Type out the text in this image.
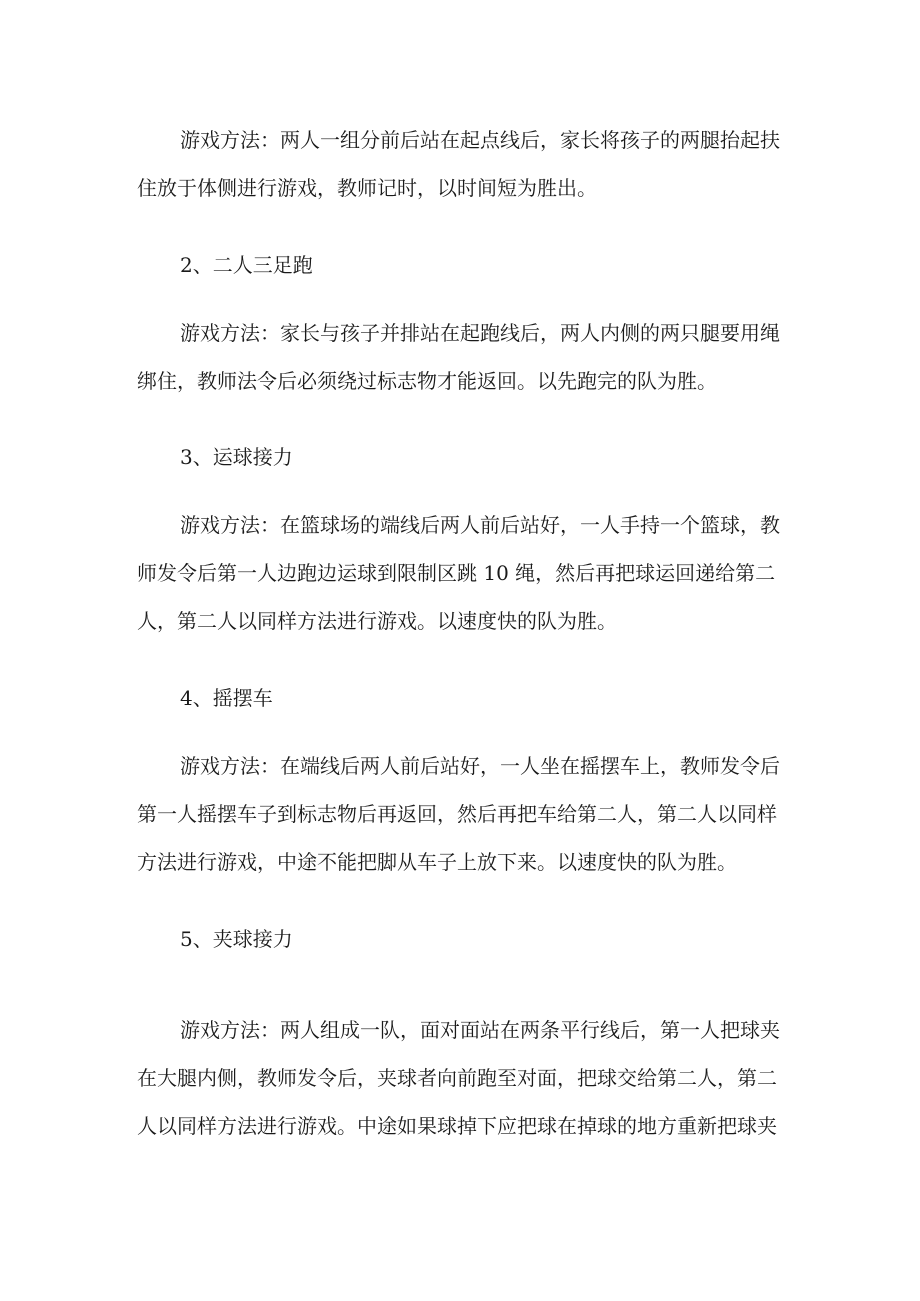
游戏方法：两人一组分前后站在起点线后，家长将孩子的两腿抬起扶
住放于体侧进行游戏，教师记时，以时间短为胜出。
2、二人三足跑
游戏方法：家长与孩子并排站在起跑线后，两人内侧的两只腿要用绳
绑住，教师法令后必须绕过标志物才能返回。以先跑完的队为胜。
3、运球接力
游戏方法：在篮球场的端线后两人前后站好，一人手持一个篮球，教
师发令后第一人边跑边运球到限制区跳 10 绳，然后再把球运回递给第二
人，第二人以同样方法进行游戏。以速度快的队为胜。
4、摇摆车
游戏方法：在端线后两人前后站好，一人坐在摇摆车上，教师发令后
第一人摇摆车子到标志物后再返回，然后再把车给第二人，第二人以同样
方法进行游戏，中途不能把脚从车子上放下来。以速度快的队为胜。
5、夹球接力
游戏方法：两人组成一队，面对面站在两条平行线后，第一人把球夹
在大腿内侧，教师发令后，夹球者向前跑至对面，把球交给第二人，第二
人以同样方法进行游戏。中途如果球掉下应把球在掉球的地方重新把球夹
